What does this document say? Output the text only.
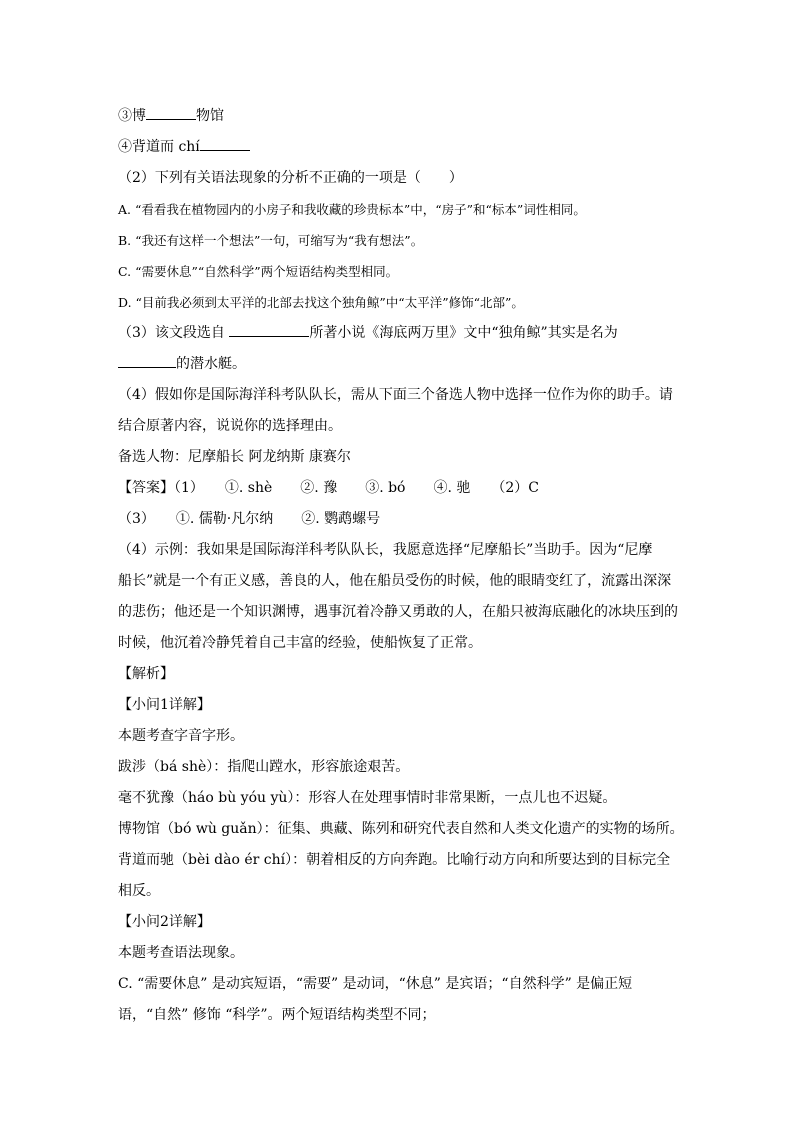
③博	物馆
④背道而 chí
（2）下列有关语法现象的分析不正确的一项是（　　）
A. “看看我在植物园内的小房子和我收藏的珍贵标本”中，“房子”和“标本”词性相同。
B. “我还有这样一个想法”一句，可缩写为“我有想法”。
C. “需要休息”“自然科学”两个短语结构类型相同。
D. “目前我必须到太平洋的北部去找这个独角鲸”中“太平洋”修饰“北部”。
（3）该文段选自	所著小说《海底两万里》文中“独角鲸”其实是名为
的潜水艇。
（4）假如你是国际海洋科考队队长，需从下面三个备选人物中选择一位作为你的助手。请
结合原著内容，说说你的选择理由。
备选人物：尼摩船长 阿龙纳斯 康赛尔
【答案】（1）　　①. shè　　②. 豫　　③. bó　　④. 驰　　（2）C
（3）　　①. 儒勒·凡尔纳　　②. 鹦鹉螺号
（4）示例：我如果是国际海洋科考队队长，我愿意选择“尼摩船长”当助手。因为“尼摩
船长”就是一个有正义感，善良的人，他在船员受伤的时候，他的眼睛变红了，流露出深深
的悲伤；他还是一个知识渊博，遇事沉着冷静又勇敢的人，在船只被海底融化的冰块压到的
时候，他沉着冷静凭着自己丰富的经验，使船恢复了正常。
【解析】
【小问1详解】
本题考查字音字形。
跋涉（bá shè）：指爬山蹚水，形容旅途艰苦。
毫不犹豫（háo bù yóu yù）：形容人在处理事情时非常果断，一点儿也不迟疑。
博物馆（bó wù guǎn）：征集、典藏、陈列和研究代表自然和人类文化遗产的实物的场所。
背道而驰（bèi dào ér chí）：朝着相反的方向奔跑。比喻行动方向和所要达到的目标完全
相反。
【小问2详解】
本题考查语法现象。
C. “需要休息” 是动宾短语，“需要” 是动词，“休息” 是宾语；“自然科学” 是偏正短
语，“自然” 修饰 “科学”。两个短语结构类型不同；
